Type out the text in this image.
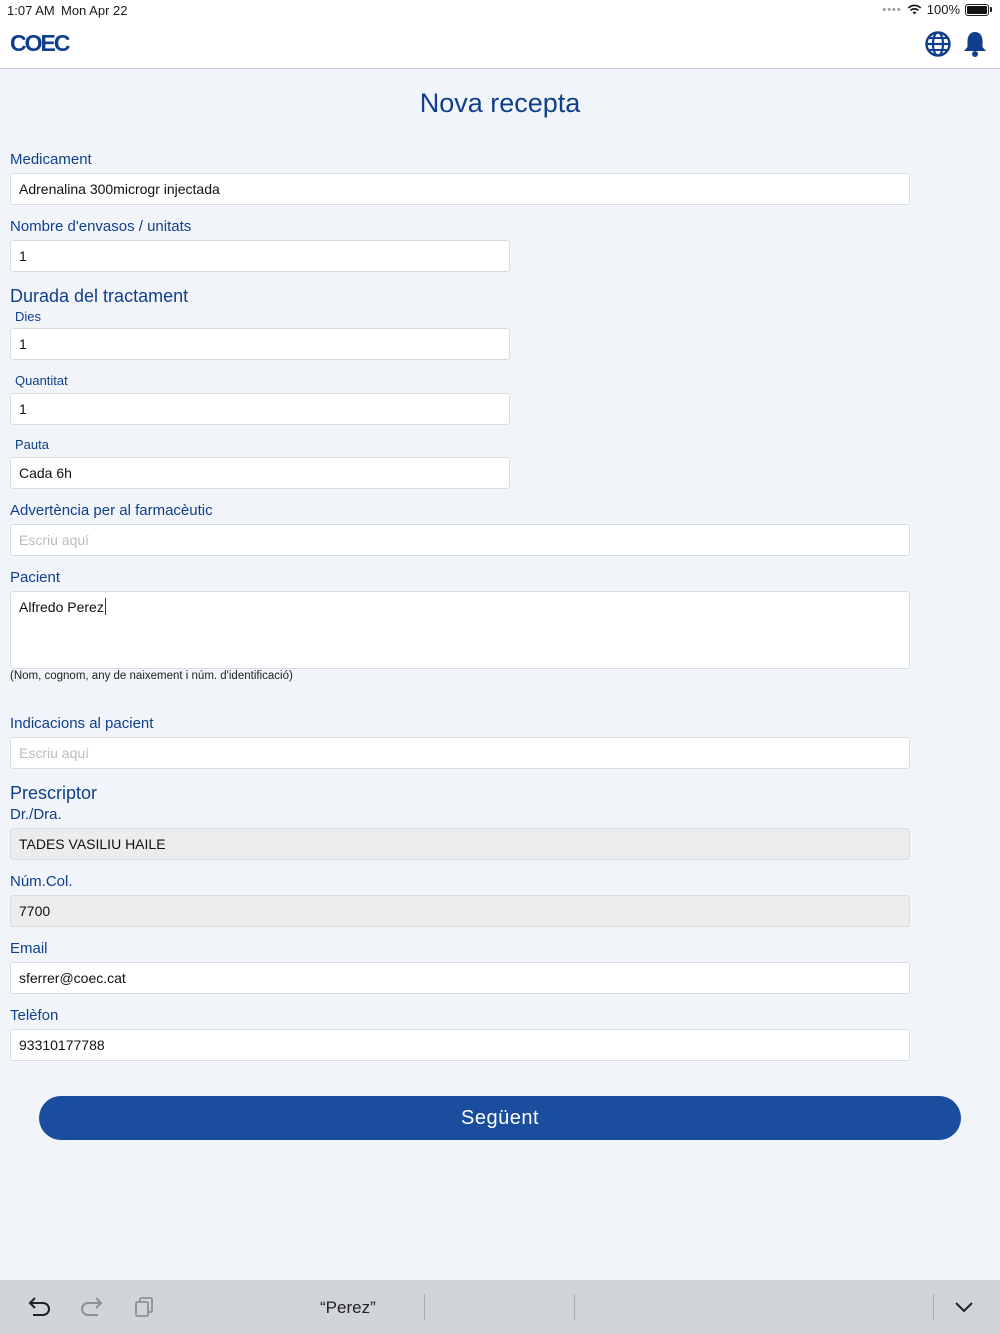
1:07 AM Mon Apr 22	•••• 100%
COEC
Nova recepta
Medicament
Adrenalina 300microgr injectada
Nombre d'envasos / unitats
1
Durada del tractament
Dies
1
Quantitat
1
Pauta
Cada 6h
Advertència per al farmacèutic
Escriu aquí
Pacient
Alfredo Perez
(Nom, cognom, any de naixement i núm. d'identificació)
Indicacions al pacient
Escriu aquí
Prescriptor
Dr./Dra.
TADES VASILIU HAILE
Núm.Col.
7700
Email
sferrer@coec.cat
Telèfon
93310177788
Següent
“Perez”
